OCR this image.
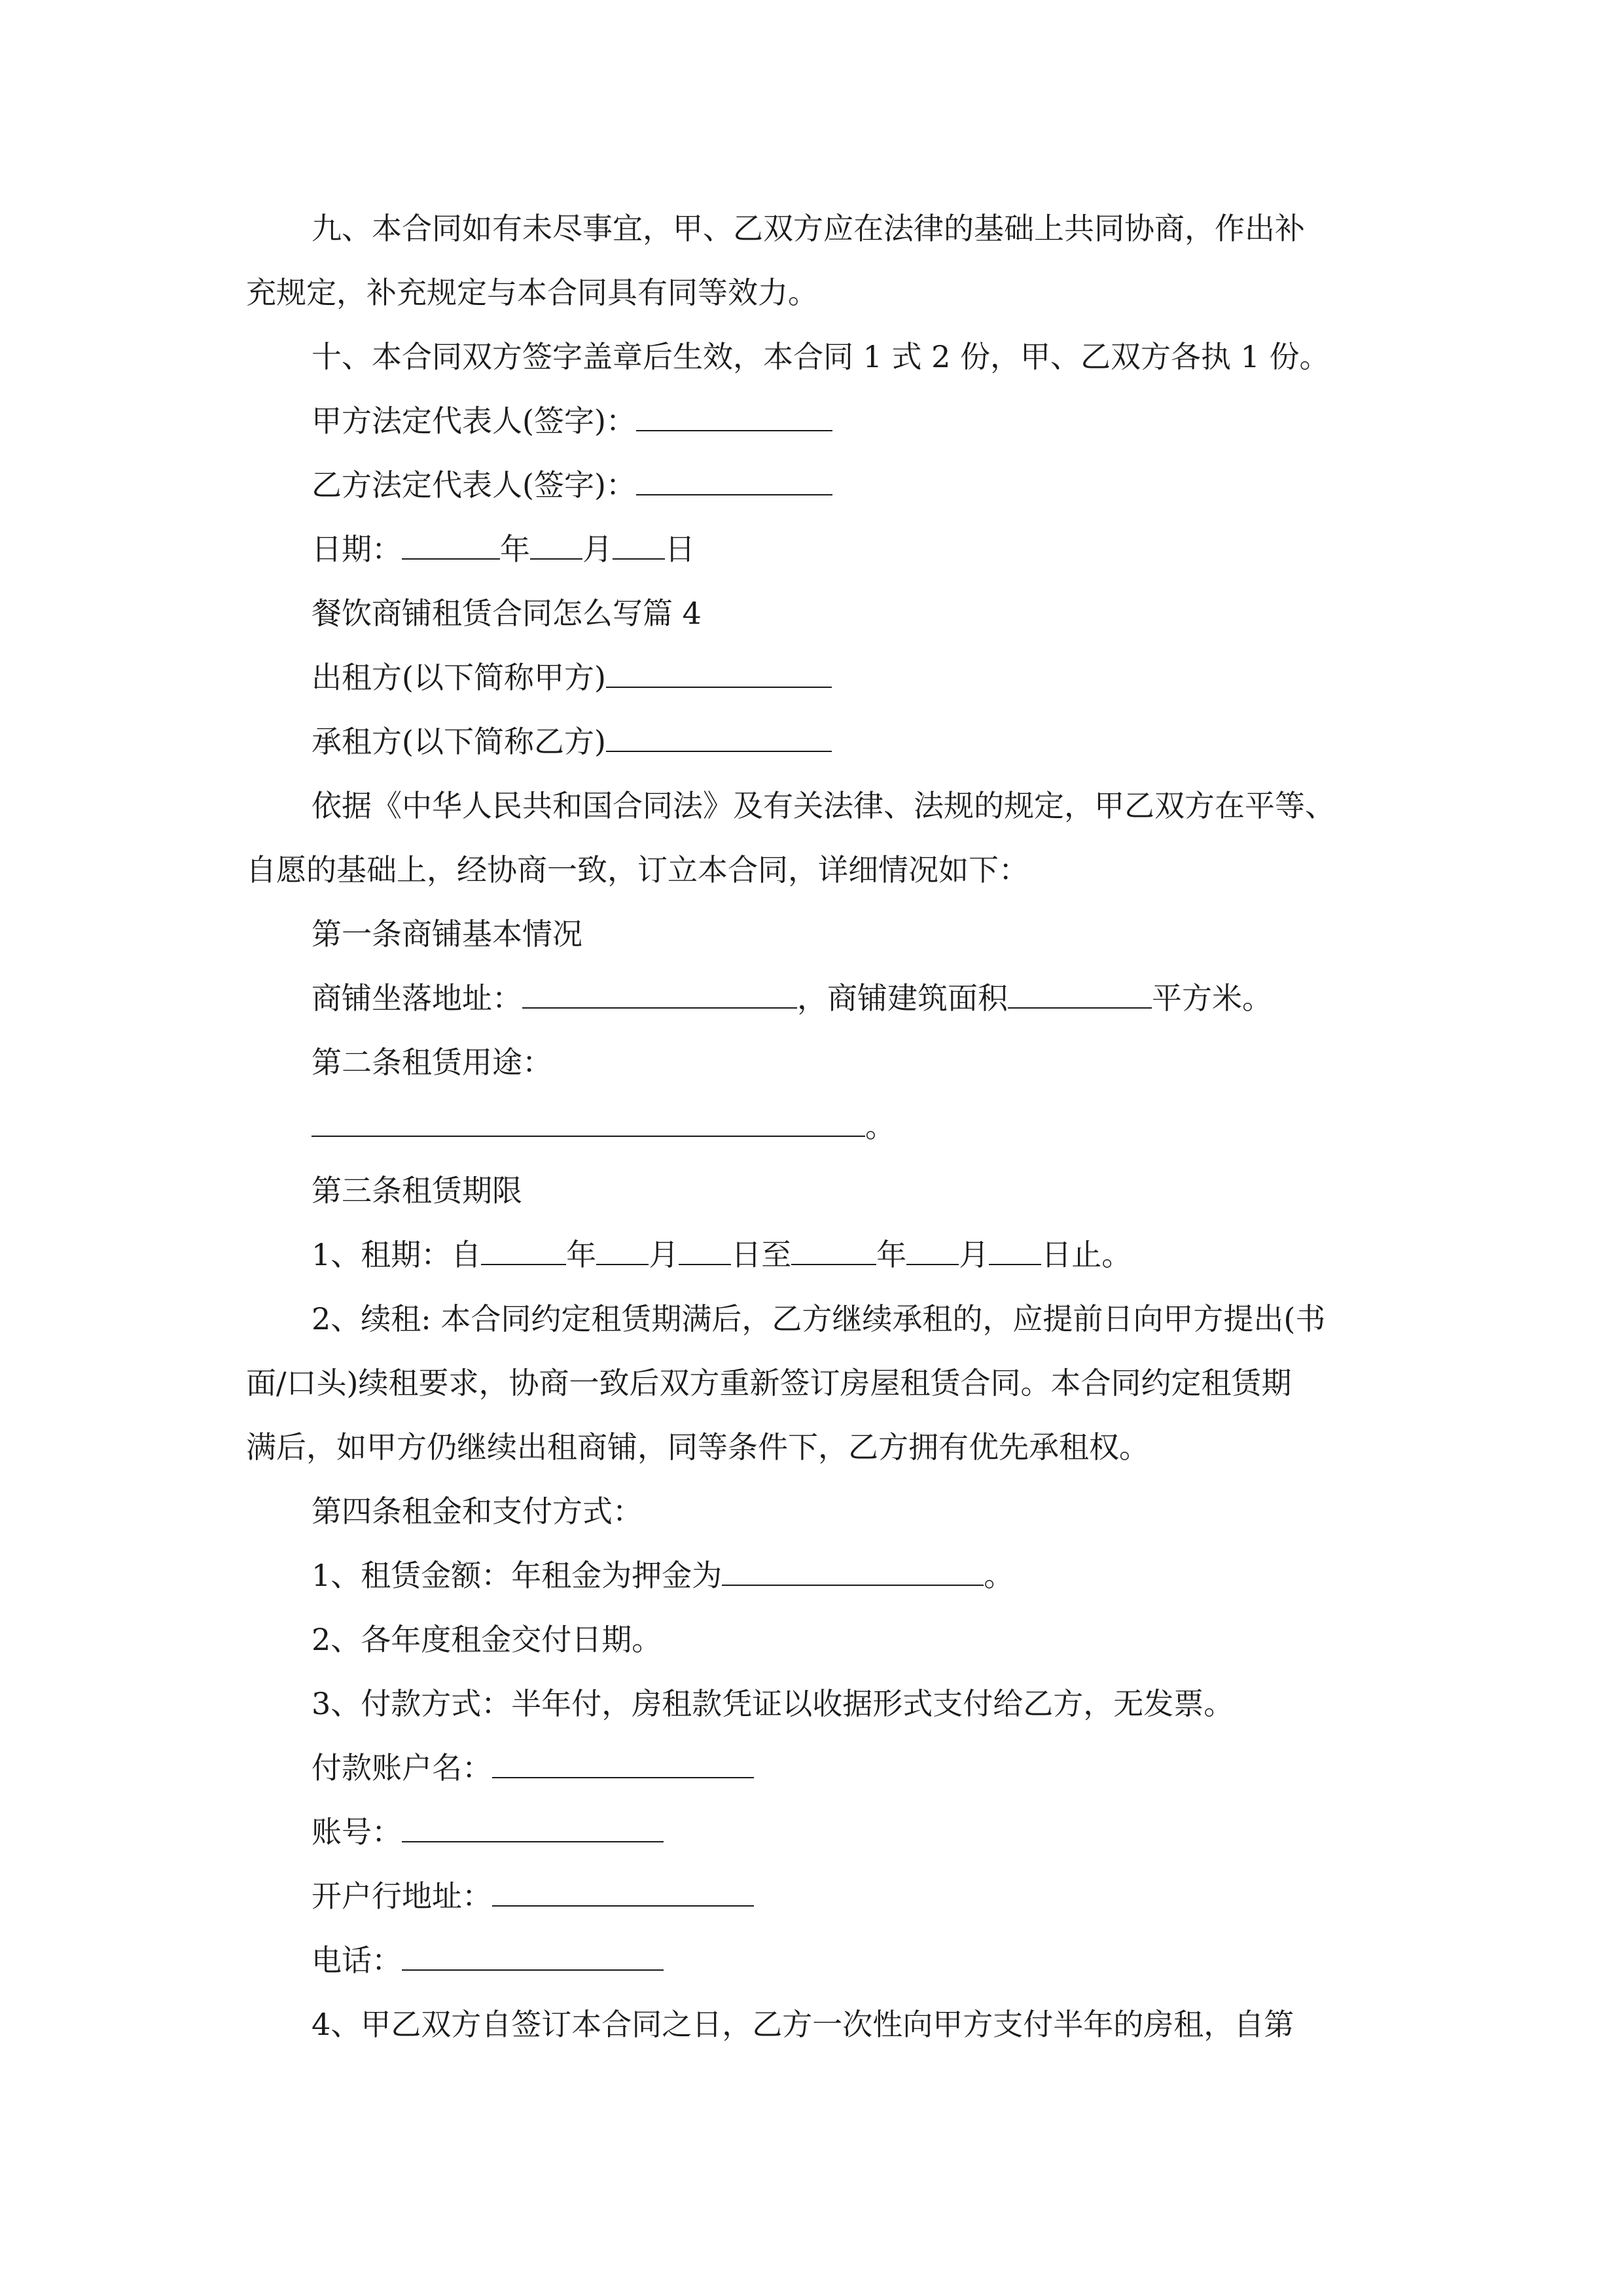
九、本合同如有未尽事宜，甲、乙双方应在法律的基础上共同协商，作出补
充规定，补充规定与本合同具有同等效力。
十、本合同双方签字盖章后生效，本合同 1 式 2 份，甲、乙双方各执 1 份。
甲方法定代表人(签字)：
乙方法定代表人(签字)：
日期：	年 月 日
餐饮商铺租赁合同怎么写篇 4
出租方(以下简称甲方)
承租方(以下简称乙方)
依据《中华人民共和国合同法》及有关法律、法规的规定，甲乙双方在平等、
自愿的基础上，经协商一致，订立本合同，详细情况如下：
第一条商铺基本情况
商铺坐落地址：	，商铺建筑面积	平方米。
第二条租赁用途：
。
第三条租赁期限
1、租期：自	年 月 日至	年 月 日止。
2、续租: 本合同约定租赁期满后，乙方继续承租的，应提前日向甲方提出(书
面/口头)续租要求，协商一致后双方重新签订房屋租赁合同。本合同约定租赁期
满后，如甲方仍继续出租商铺，同等条件下，乙方拥有优先承租权。
第四条租金和支付方式：
1、租赁金额：年租金为押金为	。
2、各年度租金交付日期。
3、付款方式：半年付，房租款凭证以收据形式支付给乙方，无发票。
付款账户名：
账号：
开户行地址：
电话：
4、甲乙双方自签订本合同之日，乙方一次性向甲方支付半年的房租，自第
